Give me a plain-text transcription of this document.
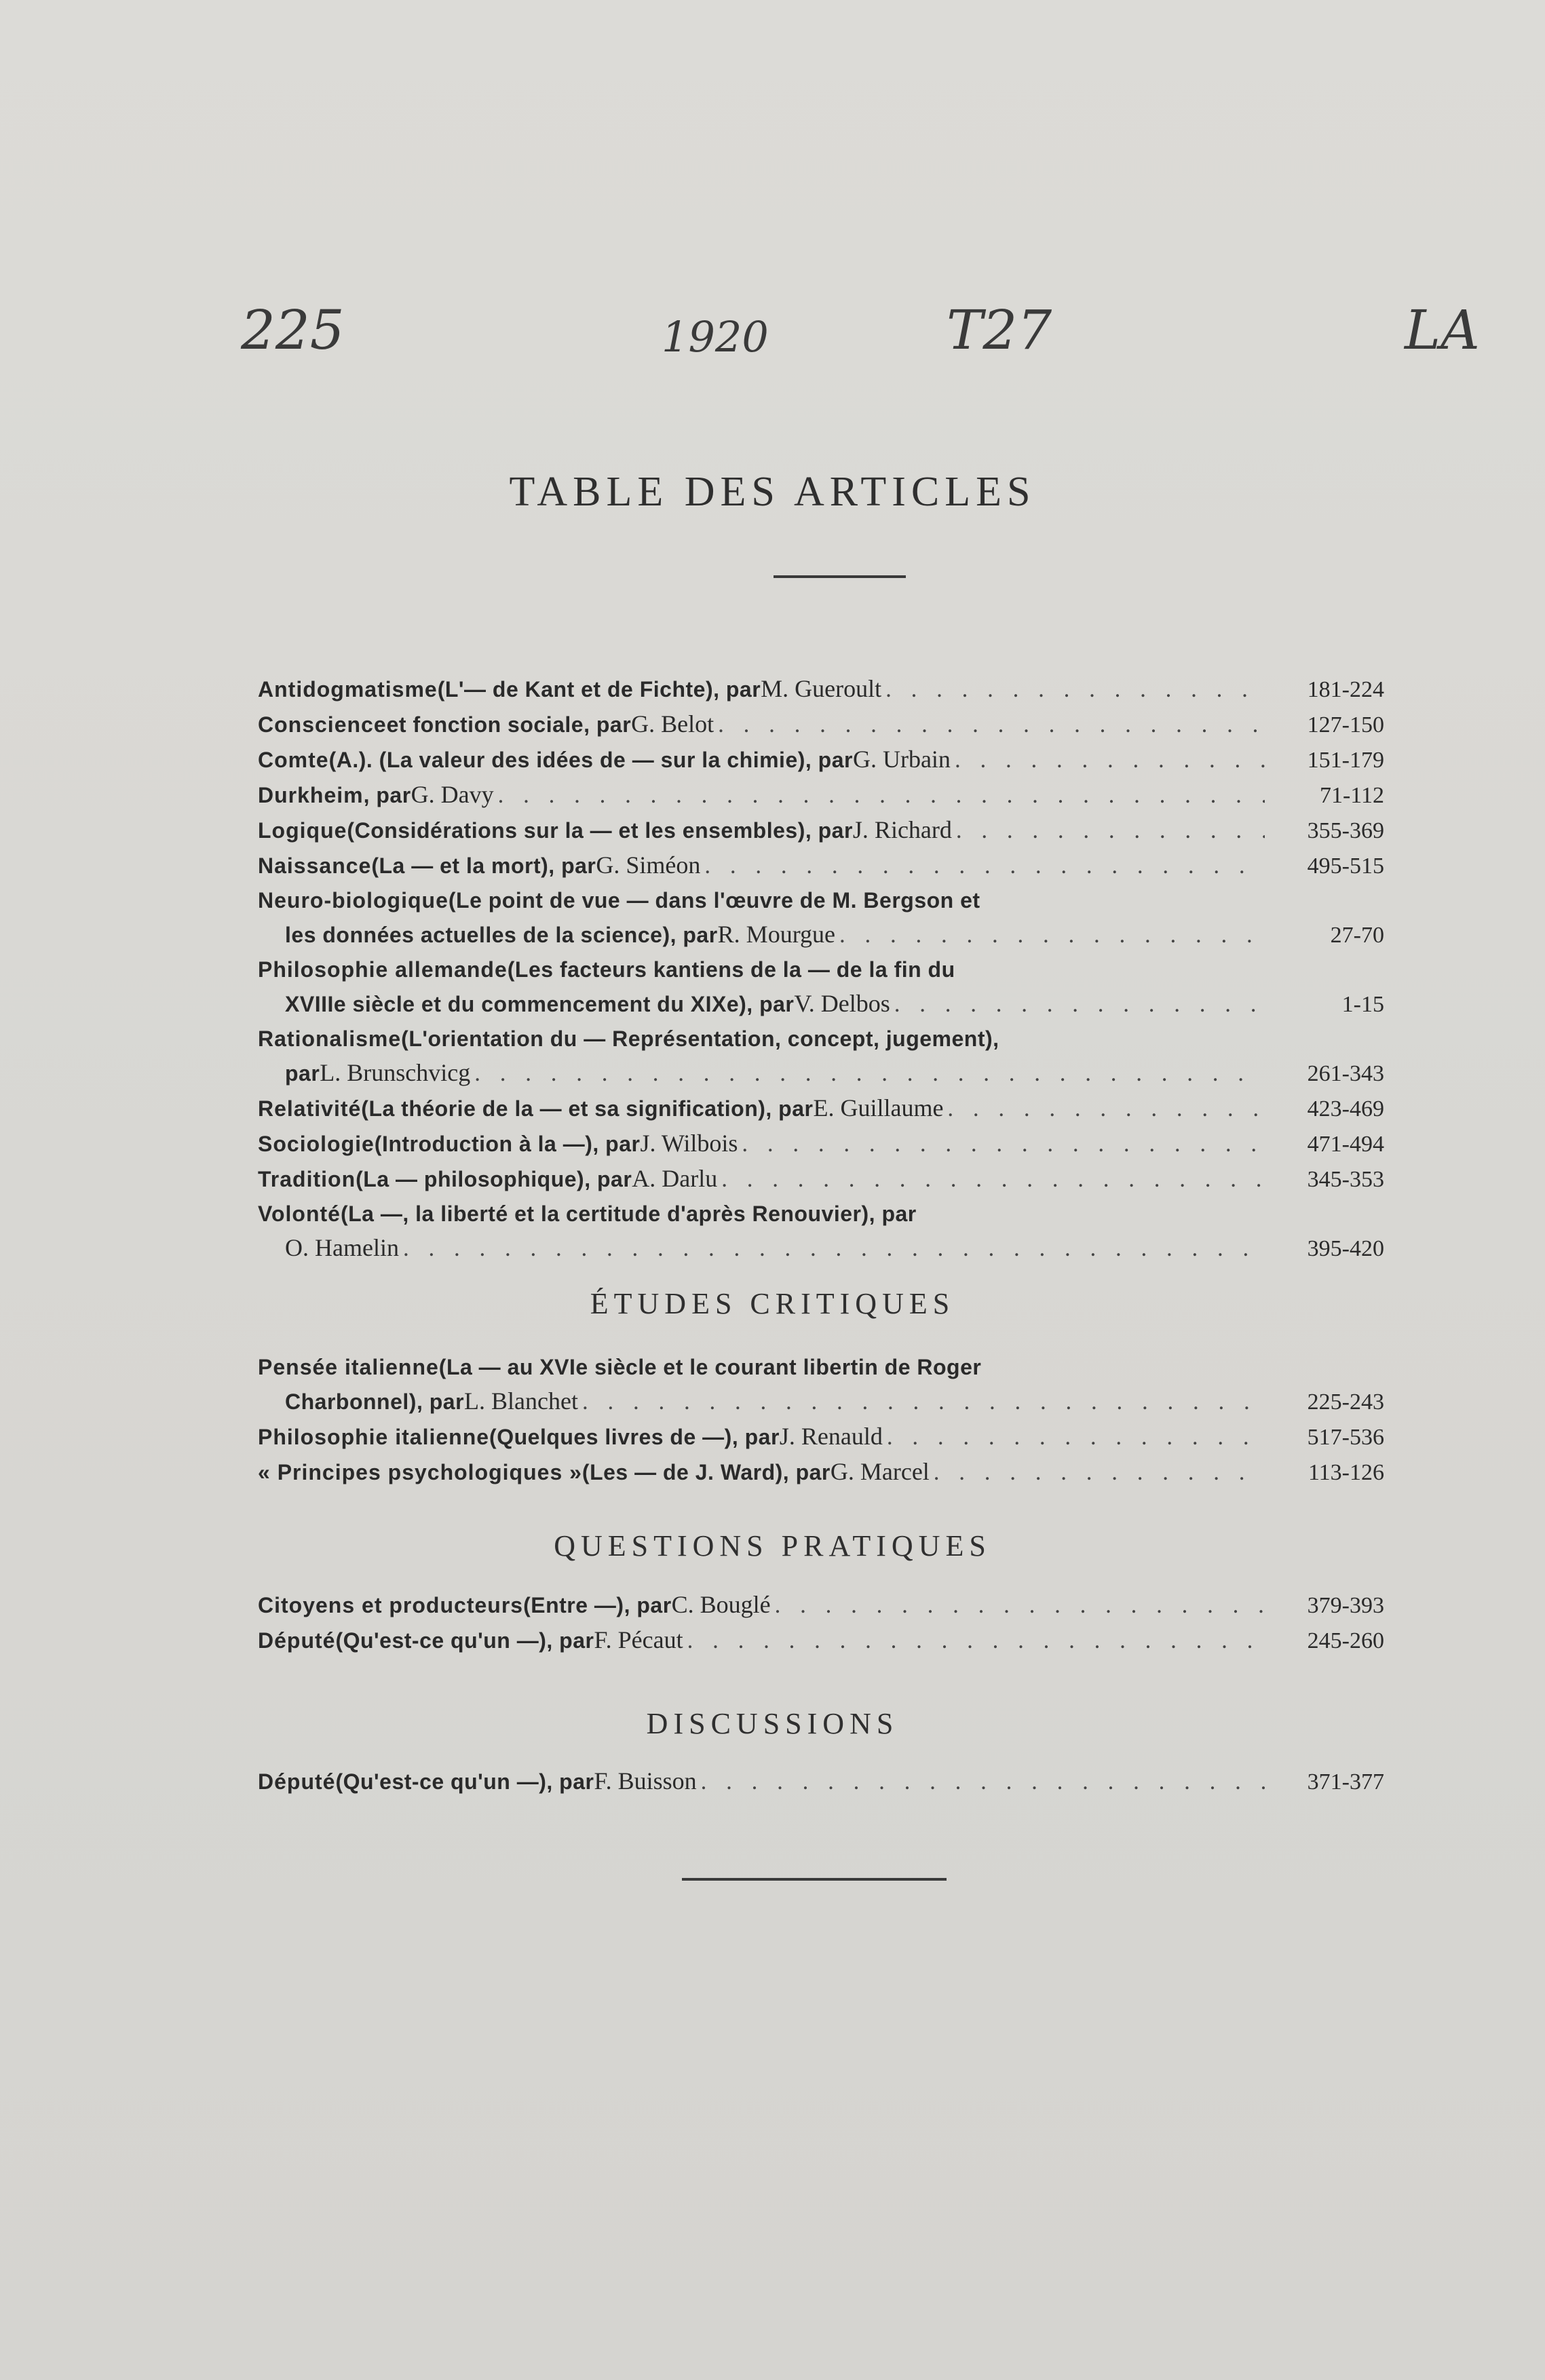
225	1920	T27	LA
TABLE DES ARTICLES
Antidogmatisme (L'— de Kant et de Fichte), par M. Gueroult . . .	181-224
Conscience et fonction sociale, par G. Belot . . .	127-150
Comte (A.). (La valeur des idées de — sur la chimie), par G. Urbain . . .	151-179
Durkheim , par G. Davy . . .	71-112
Logique (Considérations sur la — et les ensembles), par J. Richard . . .	355-369
Naissance (La — et la mort), par G. Siméon . . .	495-515
Neuro-biologique (Le point de vue — dans l'œuvre de M. Bergson et
les données actuelles de la science), par R. Mourgue . . .	27-70
Philosophie allemande (Les facteurs kantiens de la — de la fin du
XVIIIe siècle et du commencement du XIXe), par V. Delbos . . .	1-15
Rationalisme (L'orientation du — Représentation, concept, jugement),
par L. Brunschvicg . . .	261-343
Relativité (La théorie de la — et sa signification), par E. Guillaume . . .	423-469
Sociologie (Introduction à la —), par J. Wilbois . . .	471-494
Tradition (La — philosophique), par A. Darlu . . .	345-353
Volonté (La —, la liberté et la certitude d'après Renouvier), par
O. Hamelin . . .	395-420
ÉTUDES CRITIQUES
Pensée italienne (La — au XVIe siècle et le courant libertin de Roger
Charbonnel), par L. Blanchet . . .	225-243
Philosophie italienne (Quelques livres de —), par J. Renauld . . .	517-536
« Principes psychologiques » (Les — de J. Ward), par G. Marcel . . .	113-126
QUESTIONS PRATIQUES
Citoyens et producteurs (Entre —), par C. Bouglé . . .	379-393
Député (Qu'est-ce qu'un —), par F. Pécaut . . .	245-260
DISCUSSIONS
Député (Qu'est-ce qu'un —), par F. Buisson . . .	371-377
